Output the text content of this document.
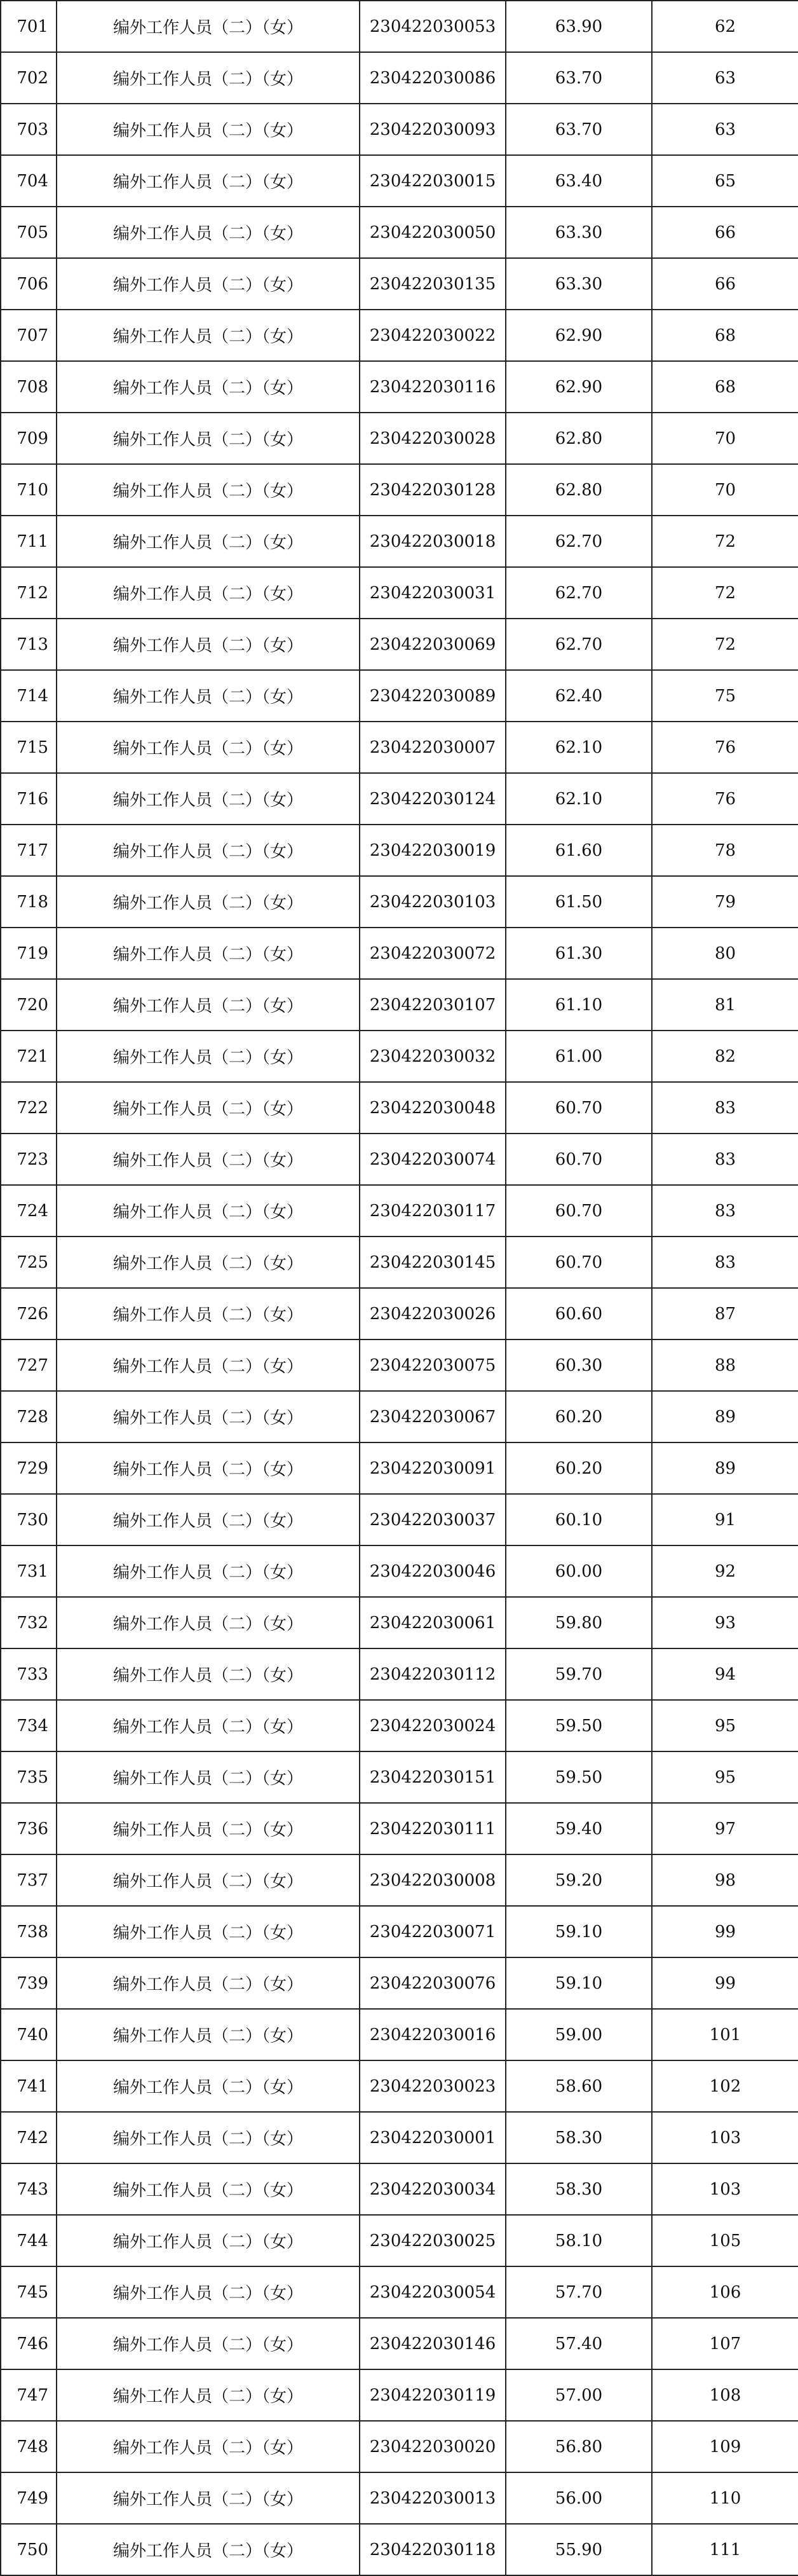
701	编外工作人员（二）（女）	230422030053	63.90	62
702	编外工作人员（二）（女）	230422030086	63.70	63
703	编外工作人员（二）（女）	230422030093	63.70	63
704	编外工作人员（二）（女）	230422030015	63.40	65
705	编外工作人员（二）（女）	230422030050	63.30	66
706	编外工作人员（二）（女）	230422030135	63.30	66
707	编外工作人员（二）（女）	230422030022	62.90	68
708	编外工作人员（二）（女）	230422030116	62.90	68
709	编外工作人员（二）（女）	230422030028	62.80	70
710	编外工作人员（二）（女）	230422030128	62.80	70
711	编外工作人员（二）（女）	230422030018	62.70	72
712	编外工作人员（二）（女）	230422030031	62.70	72
713	编外工作人员（二）（女）	230422030069	62.70	72
714	编外工作人员（二）（女）	230422030089	62.40	75
715	编外工作人员（二）（女）	230422030007	62.10	76
716	编外工作人员（二）（女）	230422030124	62.10	76
717	编外工作人员（二）（女）	230422030019	61.60	78
718	编外工作人员（二）（女）	230422030103	61.50	79
719	编外工作人员（二）（女）	230422030072	61.30	80
720	编外工作人员（二）（女）	230422030107	61.10	81
721	编外工作人员（二）（女）	230422030032	61.00	82
722	编外工作人员（二）（女）	230422030048	60.70	83
723	编外工作人员（二）（女）	230422030074	60.70	83
724	编外工作人员（二）（女）	230422030117	60.70	83
725	编外工作人员（二）（女）	230422030145	60.70	83
726	编外工作人员（二）（女）	230422030026	60.60	87
727	编外工作人员（二）（女）	230422030075	60.30	88
728	编外工作人员（二）（女）	230422030067	60.20	89
729	编外工作人员（二）（女）	230422030091	60.20	89
730	编外工作人员（二）（女）	230422030037	60.10	91
731	编外工作人员（二）（女）	230422030046	60.00	92
732	编外工作人员（二）（女）	230422030061	59.80	93
733	编外工作人员（二）（女）	230422030112	59.70	94
734	编外工作人员（二）（女）	230422030024	59.50	95
735	编外工作人员（二）（女）	230422030151	59.50	95
736	编外工作人员（二）（女）	230422030111	59.40	97
737	编外工作人员（二）（女）	230422030008	59.20	98
738	编外工作人员（二）（女）	230422030071	59.10	99
739	编外工作人员（二）（女）	230422030076	59.10	99
740	编外工作人员（二）（女）	230422030016	59.00	101
741	编外工作人员（二）（女）	230422030023	58.60	102
742	编外工作人员（二）（女）	230422030001	58.30	103
743	编外工作人员（二）（女）	230422030034	58.30	103
744	编外工作人员（二）（女）	230422030025	58.10	105
745	编外工作人员（二）（女）	230422030054	57.70	106
746	编外工作人员（二）（女）	230422030146	57.40	107
747	编外工作人员（二）（女）	230422030119	57.00	108
748	编外工作人员（二）（女）	230422030020	56.80	109
749	编外工作人员（二）（女）	230422030013	56.00	110
750	编外工作人员（二）（女）	230422030118	55.90	111
